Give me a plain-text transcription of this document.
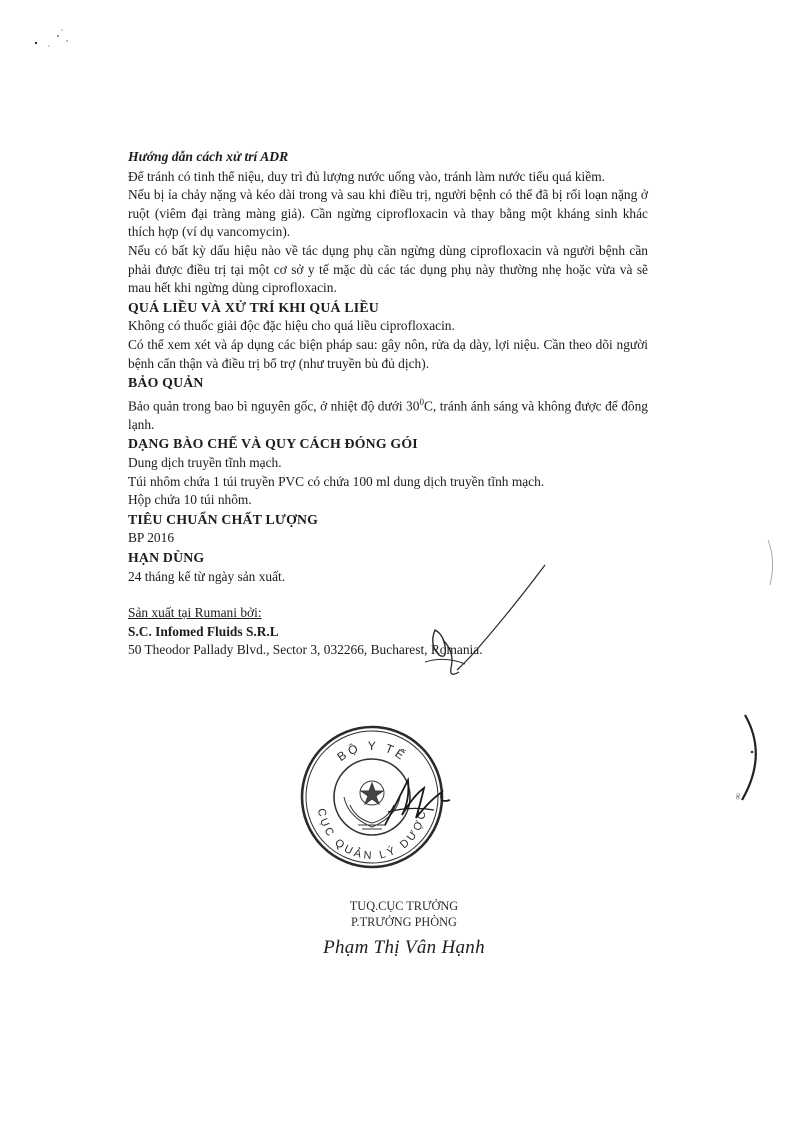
∞

Hướng dẫn cách xử trí ADR

Để tránh có tinh thể niệu, duy trì đủ lượng nước uống vào, tránh làm nước tiểu quá kiềm.

Nếu bị ỉa chảy nặng và kéo dài trong và sau khi điều trị, người bệnh có thể đã bị rối loạn nặng ở ruột (viêm đại tràng màng giả). Cần ngừng ciprofloxacin và thay bằng một kháng sinh khác thích hợp (ví dụ vancomycin).

Nếu có bất kỳ dấu hiệu nào về tác dụng phụ cần ngừng dùng ciprofloxacin và người bệnh cần phải được điều trị tại một cơ sở y tế mặc dù các tác dụng phụ này thường nhẹ hoặc vừa và sẽ mau hết khi ngừng dùng ciprofloxacin.

QUÁ LIỀU VÀ XỬ TRÍ KHI QUÁ LIỀU

Không có thuốc giải độc đặc hiệu cho quá liều ciprofloxacin.

Có thể xem xét và áp dụng các biện pháp sau: gây nôn, rửa dạ dày, lợi niệu. Cần theo dõi người bệnh cẩn thận và điều trị bổ trợ (như truyền bù đủ dịch).

BẢO QUẢN

Bảo quản trong bao bì nguyên gốc, ở nhiệt độ dưới $30^0C$, tránh ánh sáng và không được để đông lạnh.

DẠNG BÀO CHẾ VÀ QUY CÁCH ĐÓNG GÓI

Dung dịch truyền tĩnh mạch.

Túi nhôm chứa 1 túi truyền PVC có chứa 100 ml dung dịch truyền tĩnh mạch.

Hộp chứa 10 túi nhôm.

TIÊU CHUẨN CHẤT LƯỢNG

BP 2016

HẠN DÙNG

24 tháng kể từ ngày sản xuất.

Sản xuất tại Rumani bởi:

S.C. Infomed Fluids S.R.L

50 Theodor Pallady Blvd., Sector 3, 032266, Bucharest, Romania.

BỘ Y TẾ
CỤC QUẢN LÝ DƯỢC
TUQ.CỤC TRƯỞNG
P.TRƯỞNG PHÒNG
Phạm Thị Vân Hạnh
